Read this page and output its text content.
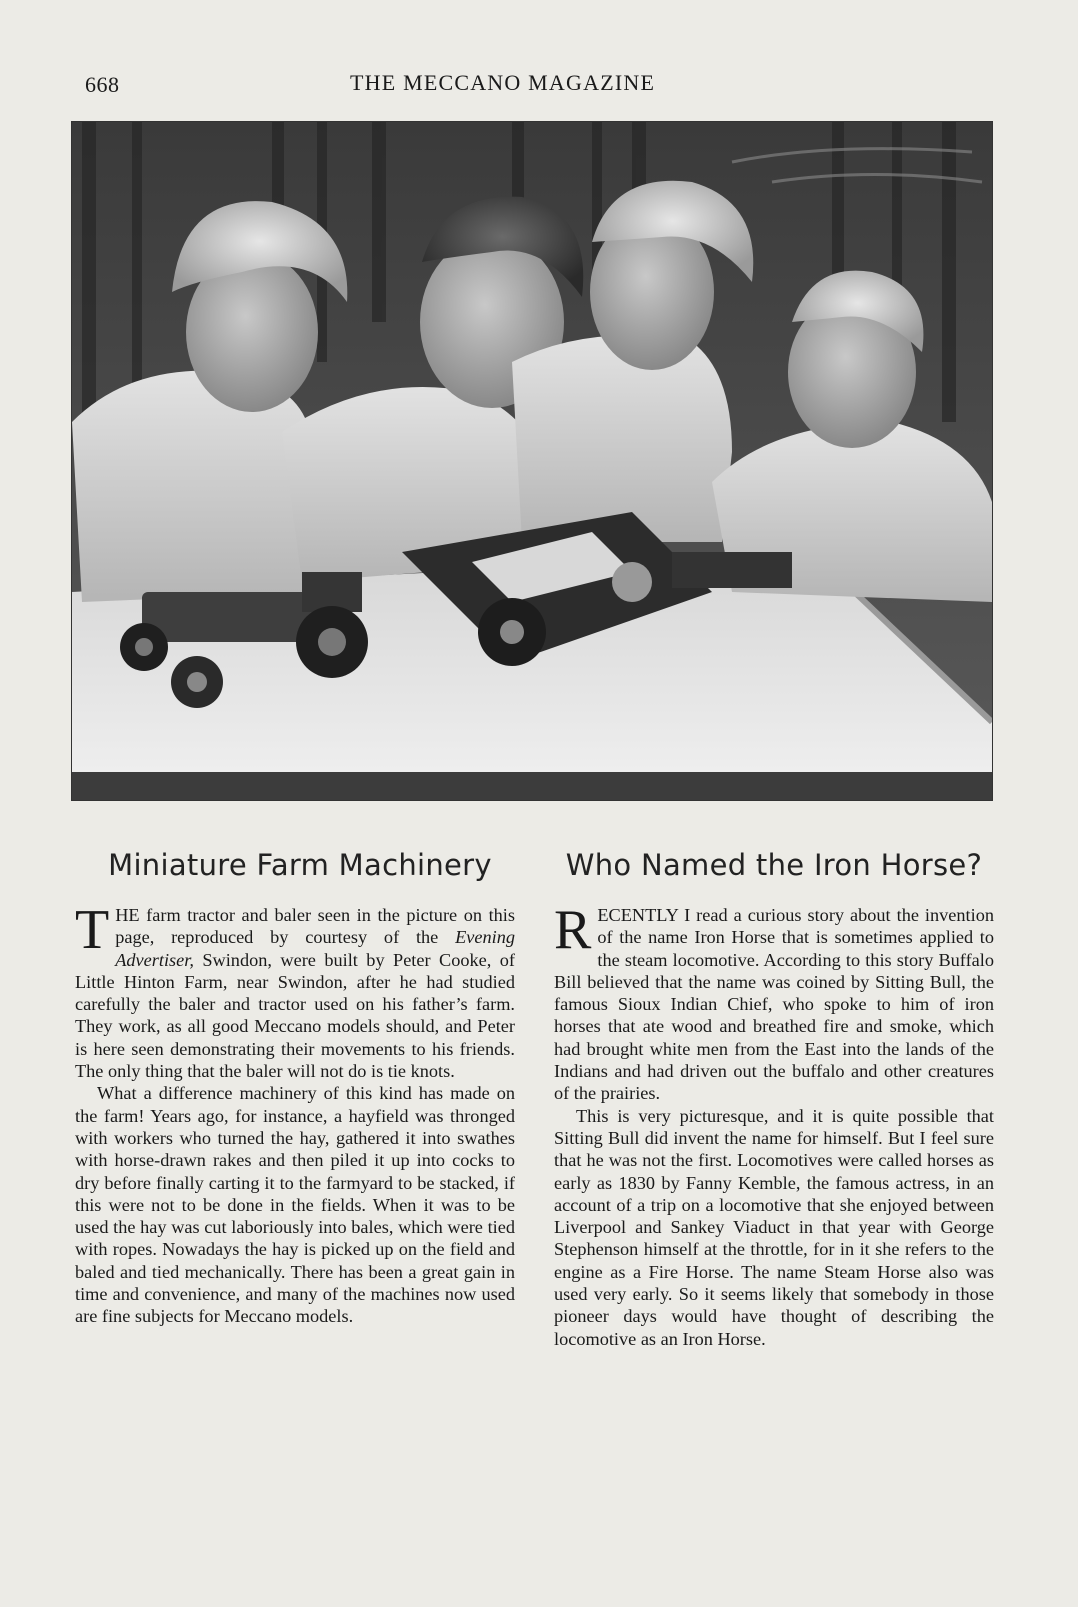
668	THE MECCANO MAGAZINE
Miniature Farm Machinery

THE farm tractor and baler seen in the picture on this page, reproduced by courtesy of the Evening Advertiser, Swindon, were built by Peter Cooke, of Little Hinton Farm, near Swindon, after he had studied carefully the baler and tractor used on his father’s farm. They work, as all good Meccano models should, and Peter is here seen demonstrating their movements to his friends. The only thing that the baler will not do is tie knots.

What a difference machinery of this kind has made on the farm! Years ago, for instance, a hayfield was thronged with workers who turned the hay, gathered it into swathes with horse-drawn rakes and then piled it up into cocks to dry before finally carting it to the farmyard to be stacked, if this were not to be done in the fields. When it was to be used the hay was cut laboriously into bales, which were tied with ropes. Nowadays the hay is picked up on the field and baled and tied mechanically. There has been a great gain in time and convenience, and many of the machines now used are fine subjects for Meccano models.

Who Named the Iron Horse?

RECENTLY I read a curious story about the invention of the name Iron Horse that is sometimes applied to the steam locomotive. According to this story Buffalo Bill believed that the name was coined by Sitting Bull, the famous Sioux Indian Chief, who spoke to him of iron horses that ate wood and breathed fire and smoke, which had brought white men from the East into the lands of the Indians and had driven out the buffalo and other creatures of the prairies.

This is very picturesque, and it is quite possible that Sitting Bull did invent the name for himself. But I feel sure that he was not the first. Locomotives were called horses as early as 1830 by Fanny Kemble, the famous actress, in an account of a trip on a locomotive that she enjoyed between Liverpool and Sankey Viaduct in that year with George Stephenson himself at the throttle, for in it she refers to the engine as a Fire Horse. The name Steam Horse also was used very early. So it seems likely that somebody in those pioneer days would have thought of describing the locomotive as an Iron Horse.
